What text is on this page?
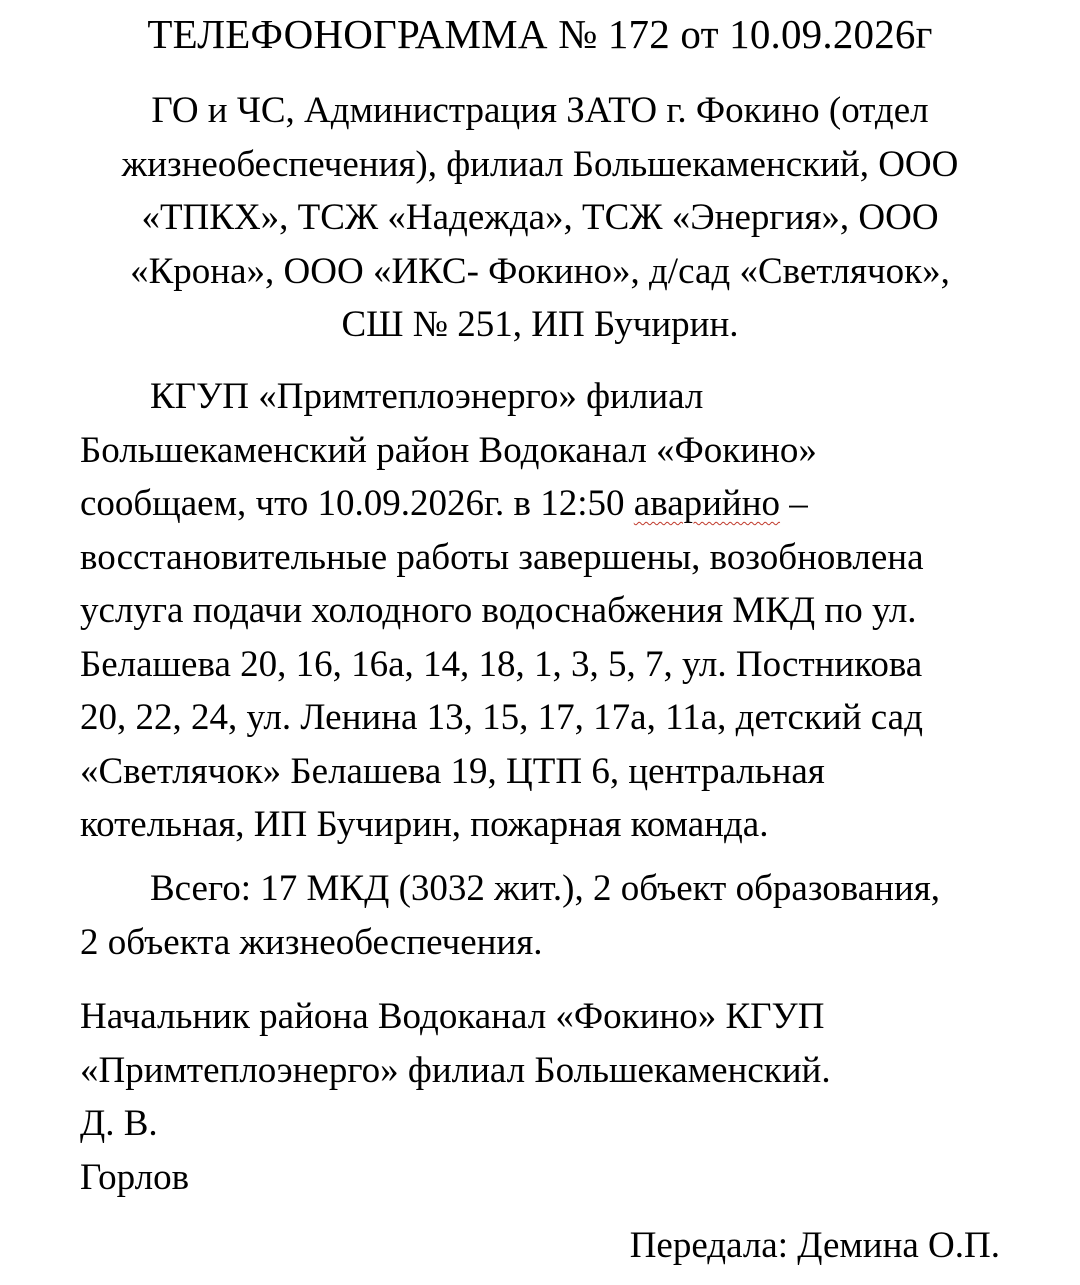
ТЕЛЕФОНОГРАММА № 172 от 10.09.2026г
ГО и ЧС, Администрация ЗАТО г. Фокино (отдел
жизнеобеспечения), филиал Большекаменский, ООО
«ТПКХ», ТСЖ «Надежда», ТСЖ «Энергия», ООО
«Крона», ООО «ИКС- Фокино», д/сад «Светлячок»,
СШ № 251, ИП Бучирин.
КГУП «Примтеплоэнерго» филиал
Большекаменский район Водоканал «Фокино»
сообщаем, что 10.09.2026г. в 12:50 аварийно –
восстановительные работы завершены, возобновлена
услуга подачи холодного водоснабжения МКД по ул.
Белашева 20, 16, 16а, 14, 18, 1, 3, 5, 7, ул. Постникова
20, 22, 24, ул. Ленина 13, 15, 17, 17а, 11а, детский сад
«Светлячок» Белашева 19, ЦТП 6, центральная
котельная, ИП Бучирин, пожарная команда.
Всего: 17 МКД (3032 жит.), 2 объект образования,
2 объекта жизнеобеспечения.
Начальник района Водоканал «Фокино» КГУП
«Примтеплоэнерго» филиал Большекаменский.
Д. В.
Горлов
Передала: Демина О.П.
